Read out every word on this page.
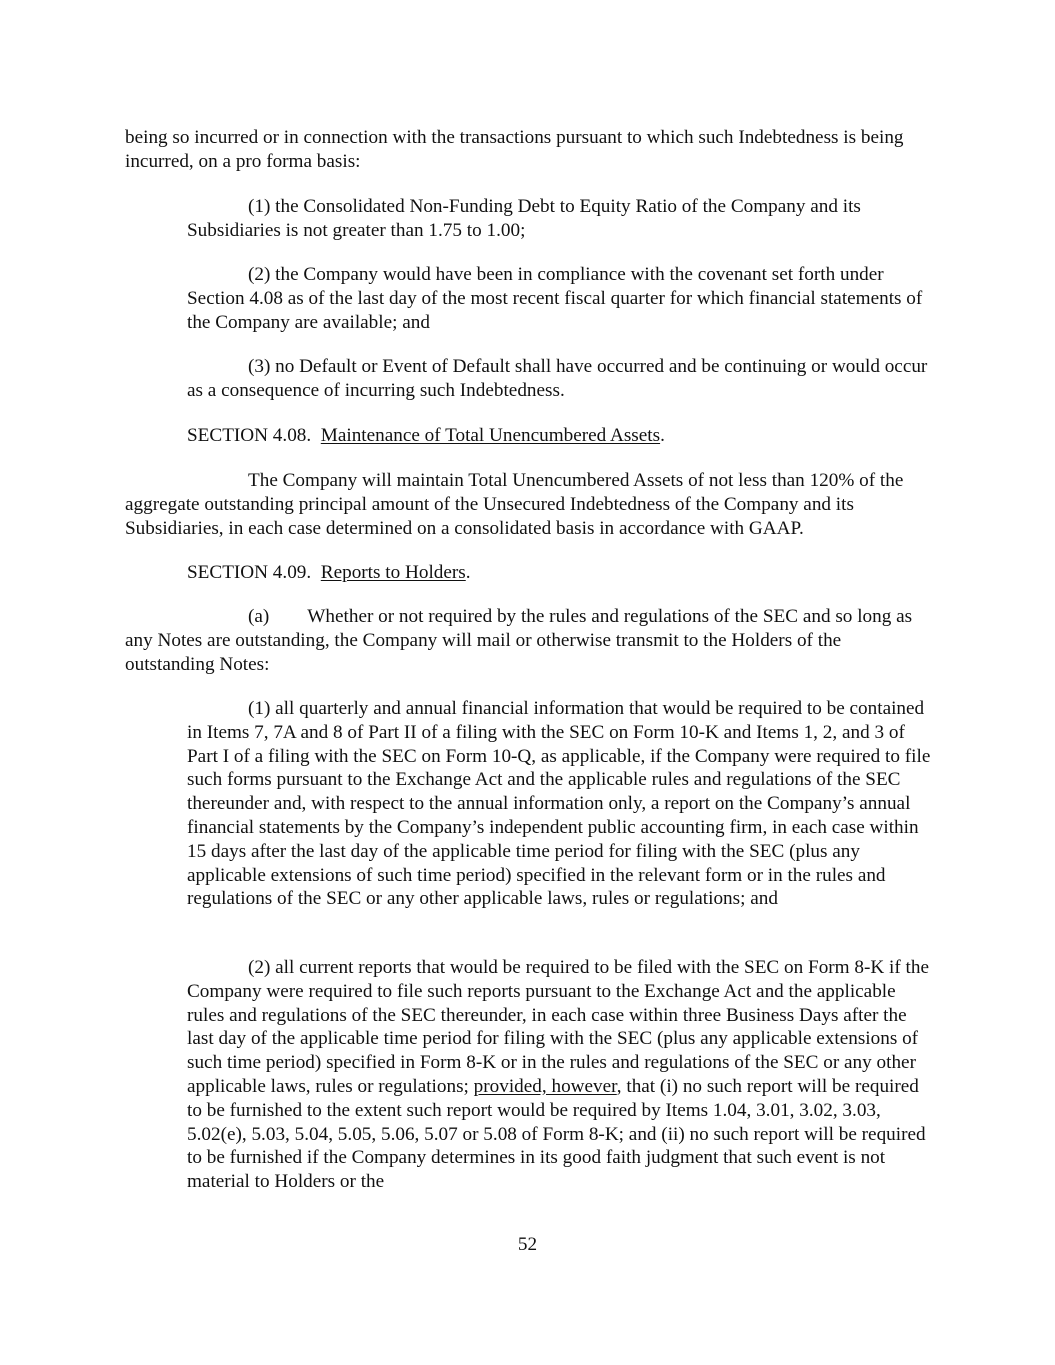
being so incurred or in connection with the transactions pursuant to which such Indebtedness is being incurred, on a pro forma basis:

(1) the Consolidated Non-Funding Debt to Equity Ratio of the Company and its Subsidiaries is not greater than 1.75 to 1.00;

(2) the Company would have been in compliance with the covenant set forth under Section 4.08 as of the last day of the most recent fiscal quarter for which financial statements of the Company are available; and

(3) no Default or Event of Default shall have occurred and be continuing or would occur as a consequence of incurring such Indebtedness.

SECTION 4.08. Maintenance of Total Unencumbered Assets.

The Company will maintain Total Unencumbered Assets of not less than 120% of the aggregate outstanding principal amount of the Unsecured Indebtedness of the Company and its Subsidiaries, in each case determined on a consolidated basis in accordance with GAAP.

SECTION 4.09. Reports to Holders.

(a) Whether or not required by the rules and regulations of the SEC and so long as any Notes are outstanding, the Company will mail or otherwise transmit to the Holders of the outstanding Notes:

(1) all quarterly and annual financial information that would be required to be contained in Items 7, 7A and 8 of Part II of a filing with the SEC on Form 10-K and Items 1, 2, and 3 of Part I of a filing with the SEC on Form 10-Q, as applicable, if the Company were required to file such forms pursuant to the Exchange Act and the applicable rules and regulations of the SEC thereunder and, with respect to the annual information only, a report on the Company’s annual financial statements by the Company’s independent public accounting firm, in each case within 15 days after the last day of the applicable time period for filing with the SEC (plus any applicable extensions of such time period) specified in the relevant form or in the rules and regulations of the SEC or any other applicable laws, rules or regulations; and

(2) all current reports that would be required to be filed with the SEC on Form 8-K if the Company were required to file such reports pursuant to the Exchange Act and the applicable rules and regulations of the SEC thereunder, in each case within three Business Days after the last day of the applicable time period for filing with the SEC (plus any applicable extensions of such time period) specified in Form 8-K or in the rules and regulations of the SEC or any other applicable laws, rules or regulations; provided, however, that (i) no such report will be required to be furnished to the extent such report would be required by Items 1.04, 3.01, 3.02, 3.03, 5.02(e), 5.03, 5.04, 5.05, 5.06, 5.07 or 5.08 of Form 8-K; and (ii) no such report will be required to be furnished if the Company determines in its good faith judgment that such event is not material to Holders or the

52
